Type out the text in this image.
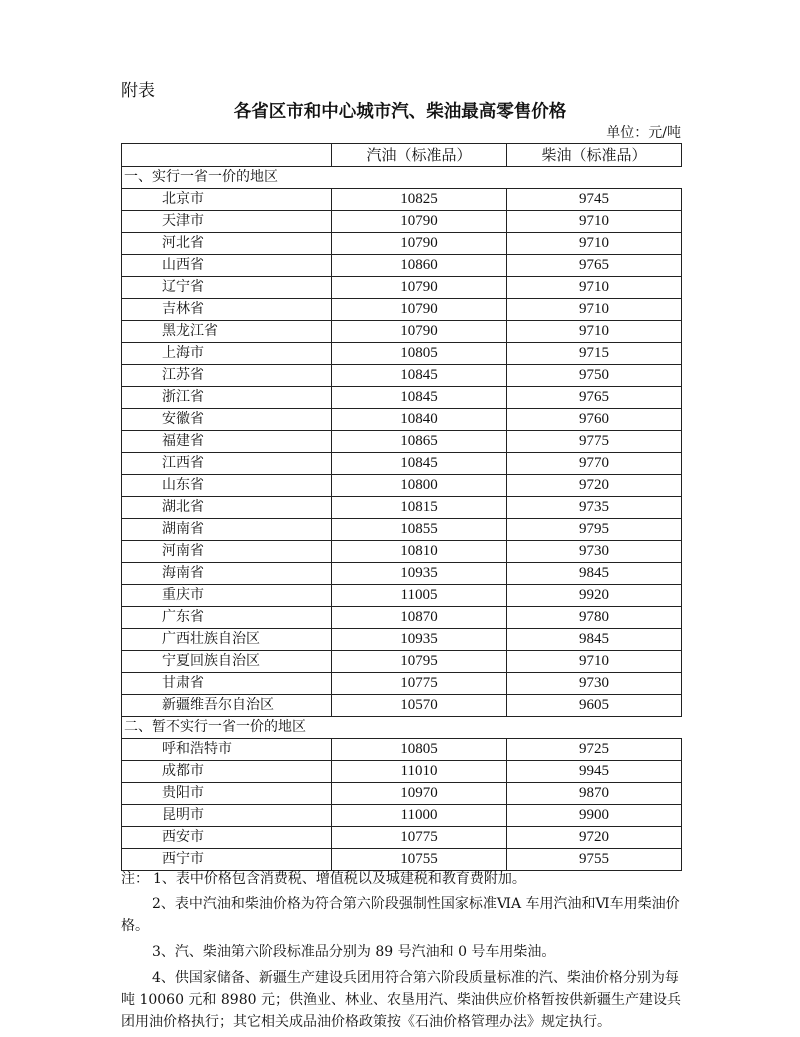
附表
各省区市和中心城市汽、柴油最高零售价格
单位：元/吨
	汽油（标准品）	柴油（标准品）
一、实行一省一价的地区		
北京市	10825	9745
天津市	10790	9710
河北省	10790	9710
山西省	10860	9765
辽宁省	10790	9710
吉林省	10790	9710
黑龙江省	10790	9710
上海市	10805	9715
江苏省	10845	9750
浙江省	10845	9765
安徽省	10840	9760
福建省	10865	9775
江西省	10845	9770
山东省	10800	9720
湖北省	10815	9735
湖南省	10855	9795
河南省	10810	9730
海南省	10935	9845
重庆市	11005	9920
广东省	10870	9780
广西壮族自治区	10935	9845
宁夏回族自治区	10795	9710
甘肃省	10775	9730
新疆维吾尔自治区	10570	9605
二、暂不实行一省一价的地区		
呼和浩特市	10805	9725
成都市	11010	9945
贵阳市	10970	9870
昆明市	11000	9900
西安市	10775	9720
西宁市	10755	9755
注： 1、表中价格包含消费税、增值税以及城建税和教育费附加。
2、表中汽油和柴油价格为符合第六阶段强制性国家标准ⅥA 车用汽油和Ⅵ车用柴油价格。
3、汽、柴油第六阶段标准品分别为 89 号汽油和 0 号车用柴油。
4、供国家储备、新疆生产建设兵团用符合第六阶段质量标准的汽、柴油价格分别为每吨 10060 元和 8980 元；供渔业、林业、农垦用汽、柴油供应价格暂按供新疆生产建设兵团用油价格执行；其它相关成品油价格政策按《石油价格管理办法》规定执行。
